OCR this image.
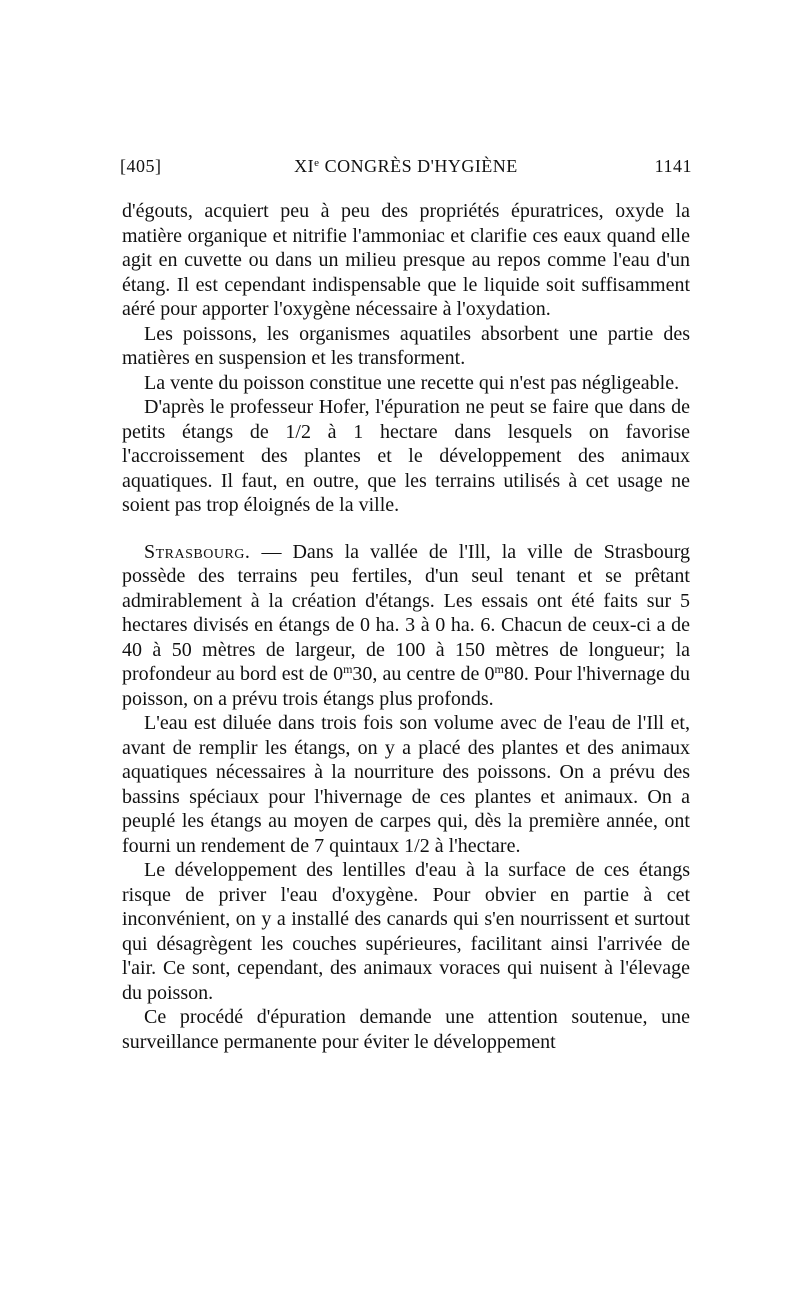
[405]	XIe CONGRÈS D'HYGIÈNE	1141

d'égouts, acquiert peu à peu des propriétés épuratrices, oxyde la matière organique et nitrifie l'ammoniac et clarifie ces eaux quand elle agit en cuvette ou dans un milieu presque au repos comme l'eau d'un étang. Il est cependant indispensable que le liquide soit suffisamment aéré pour apporter l'oxygène nécessaire à l'oxydation.

Les poissons, les organismes aquatiles absorbent une partie des matières en suspension et les transforment.

La vente du poisson constitue une recette qui n'est pas négligeable.

D'après le professeur Hofer, l'épuration ne peut se faire que dans de petits étangs de 1/2 à 1 hectare dans lesquels on favorise l'accroissement des plantes et le développement des animaux aquatiques. Il faut, en outre, que les terrains utilisés à cet usage ne soient pas trop éloignés de la ville.

Strasbourg. — Dans la vallée de l'Ill, la ville de Strasbourg possède des terrains peu fertiles, d'un seul tenant et se prêtant admirablement à la création d'étangs. Les essais ont été faits sur 5 hectares divisés en étangs de 0 ha. 3 à 0 ha. 6. Chacun de ceux-ci a de 40 à 50 mètres de largeur, de 100 à 150 mètres de longueur; la profondeur au bord est de 0$^m$30, au centre de 0$^m$80. Pour l'hivernage du poisson, on a prévu trois étangs plus profonds.

L'eau est diluée dans trois fois son volume avec de l'eau de l'Ill et, avant de remplir les étangs, on y a placé des plantes et des animaux aquatiques nécessaires à la nourriture des poissons. On a prévu des bassins spéciaux pour l'hivernage de ces plantes et animaux. On a peuplé les étangs au moyen de carpes qui, dès la première année, ont fourni un rendement de 7 quintaux 1/2 à l'hectare.

Le développement des lentilles d'eau à la surface de ces étangs risque de priver l'eau d'oxygène. Pour obvier en partie à cet inconvénient, on y a installé des canards qui s'en nourrissent et surtout qui désagrègent les couches supérieures, facilitant ainsi l'arrivée de l'air. Ce sont, cependant, des animaux voraces qui nuisent à l'élevage du poisson.

Ce procédé d'épuration demande une attention soutenue, une surveillance permanente pour éviter le développement
